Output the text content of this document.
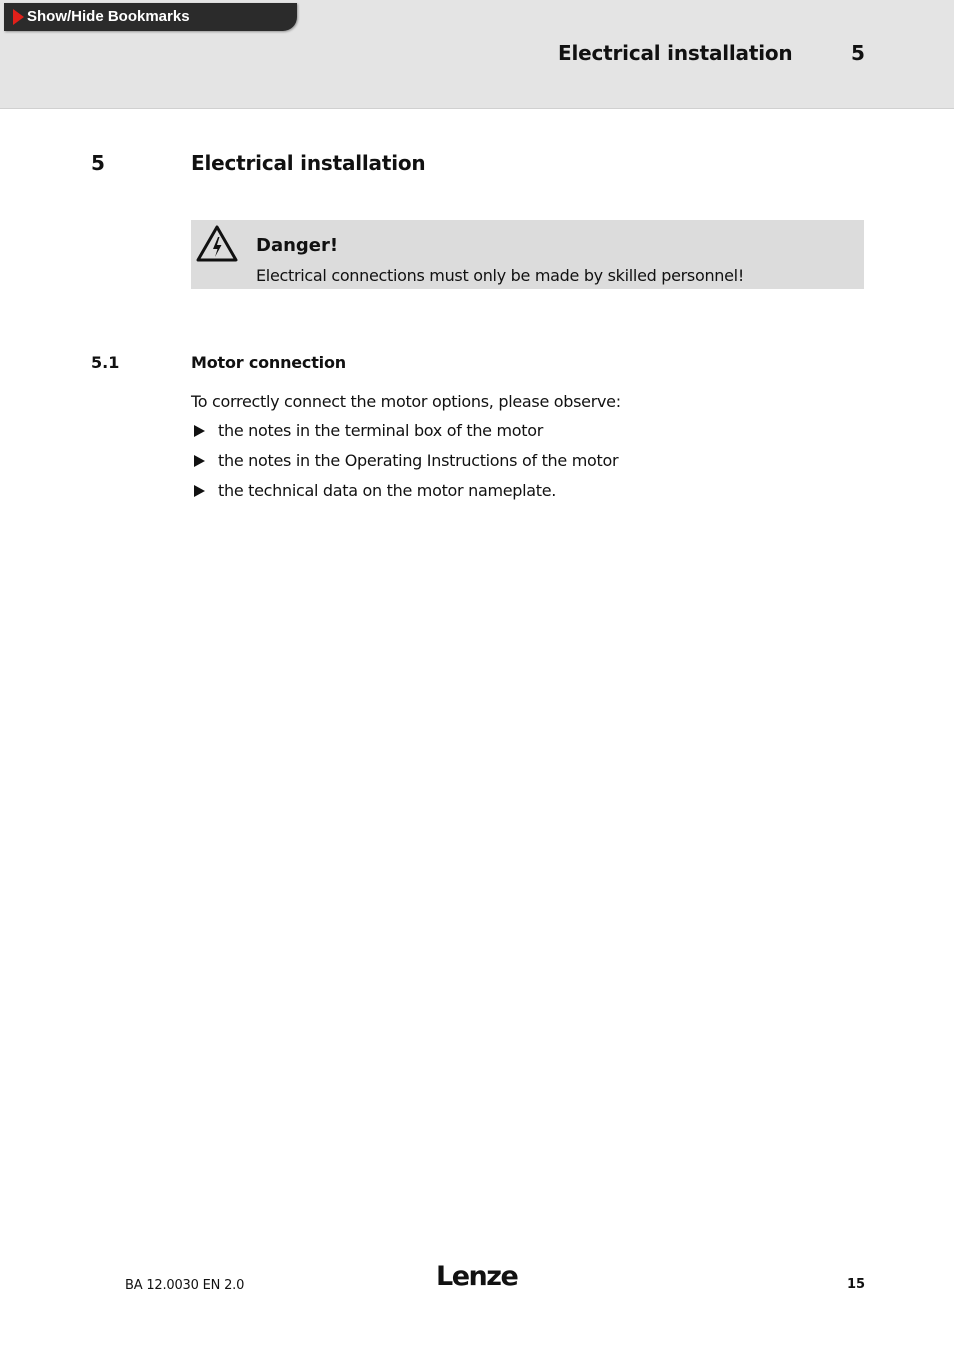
Show/Hide Bookmarks
Electrical installation	5
5	Electrical installation
Danger!
Electrical connections must only be made by skilled personnel!
5.1	Motor connection
To correctly connect the motor options, please observe:
the notes in the terminal box of the motor
the notes in the Operating Instructions of the motor
the technical data on the motor nameplate.
BA 12.0030 EN 2.0	Lenze	15
